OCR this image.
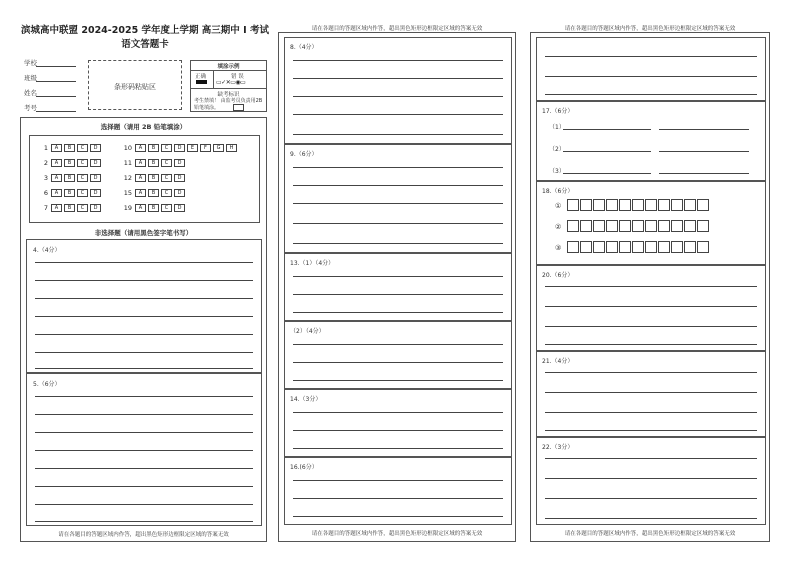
滨城高中联盟 2024-2025 学年度上学期 高三期中 Ⅰ 考试
语文答题卡
学校
班级
姓名
考号
条形码粘贴区
填涂示例
正确	错 误
▭✓✕▭◉▭
缺考标识
考生禁填！ 由监考员负责用2B
铅笔填涂。
选择题（请用 2B 铅笔填涂）
1 A B C D
2 A B C D
3 A B C D
6 A B C D
7 A B C D
10 A B C D E F G H
11 A B C D
12 A B C D
15 A B C D
19 A B C D
非选择题（请用黑色签字笔书写）
4.（4分）
5.（6分）
请在各题目的答题区域内作答，超出黑色矩形边框限定区域的答案无效
请在各题目的答题区域内作答，超出黑色矩形边框限定区域的答案无效
8.（4分）
9.（6分）
13.（1）（4分）
（2）（4分）
14.（3分）
16.(6分）
请在各题目的答题区域内作答，超出黑色矩形边框限定区域的答案无效
请在各题目的答题区域内作答，超出黑色矩形边框限定区域的答案无效
17.（6分）
（1）
（2）
（3）
18.（6分）
①
②
③
20.（6分）
21.（4分）
22.（3分）
请在各题目的答题区域内作答，超出黑色矩形边框限定区域的答案无效
